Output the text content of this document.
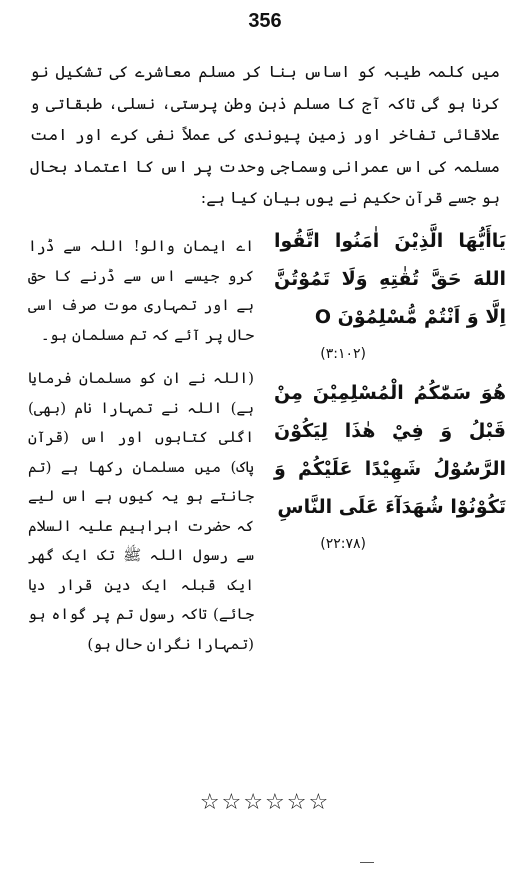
356

میں کلمہ طیبہ کو اساس بنا کر مسلم معاشرے کی تشکیل نو کرنا ہو گی تاکہ آج کا مسلم ذہن وطن پرستی، نسلی، طبقاتی و علاقائی تفاخر اور زمین پیوندی کی عملاً نفی کرے اور امت مسلمہ کی اس عمرانی وسماجی وحدت پر اس کا اعتماد بحال ہو جسے قرآن حکیم نے یوں بیان کیا ہے:

يَاأَيُّهَا الَّذِيْنَ اٰمَنُوا اتَّقُوا اللهَ حَقَّ تُقٰتِهِ وَلَا تَمُوْتُنَّ اِلَّا وَ اَنْتُمْ مُّسْلِمُوْنَ O

(۳:۱۰۲)

هُوَ سَمّٰكُمُ الْمُسْلِمِيْنَ مِنْ قَبْلُ وَ فِيْ هٰذَا لِيَكُوْنَ الرَّسُوْلُ شَهِيْدًا عَلَيْكُمْ وَ تَكُوْنُوْا شُهَدَآءَ عَلَى النَّاسِ

(۲۲:۷۸)

اے ایمان والو! اللہ سے ڈرا کرو جیسے اس سے ڈرنے کا حق ہے اور تمہاری موت صرف اسی حال پر آئے کہ تم مسلمان ہو۔

(اللہ نے ان کو مسلمان فرمایا ہے) اللہ نے تمہارا نام (بھی) اگلی کتابوں اور اس (قرآن پاک) میں مسلمان رکھا ہے (تم جانتے ہو یہ کیوں ہے اس لیے کہ حضرت ابراہیم علیہ السلام سے رسول اللہ ﷺ تک ایک گھر ایک قبلہ ایک دین قرار دیا جائے) تاکہ رسول تم پر گواہ ہو (تمہارا نگران حال ہو)

☆☆☆☆☆☆
